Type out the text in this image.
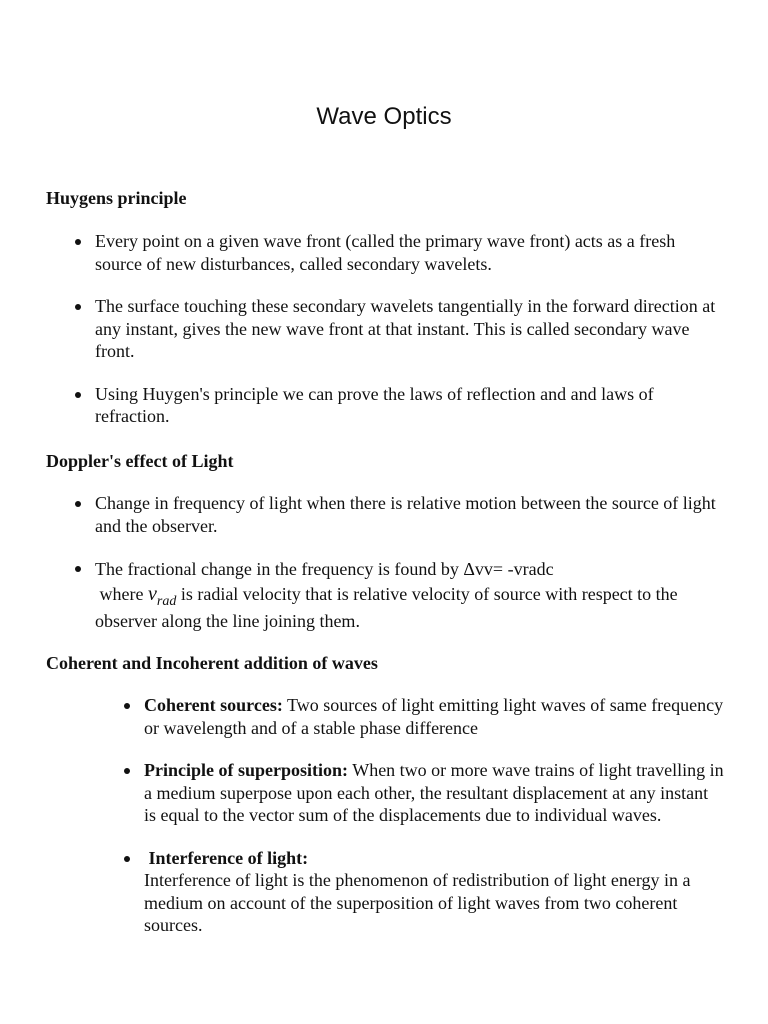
Wave Optics
Huygens principle
Every point on a given wave front (called the primary wave front) acts as a fresh source of new disturbances, called secondary wavelets.
The surface touching these secondary wavelets tangentially in the forward direction at any instant, gives the new wave front at that instant. This is called secondary wave front.
Using Huygen's principle we can prove the laws of reflection and and laws of refraction.
Doppler's effect of Light
Change in frequency of light when there is relative motion between the source of light and the observer.
The fractional change in the frequency is found by Δvv= -vradc
where $v_{rad}$ is radial velocity that is relative velocity of source with respect to the observer along the line joining them.
Coherent and Incoherent addition of waves
Coherent sources: Two sources of light emitting light waves of same frequency or wavelength and of a stable phase difference
Principle of superposition: When two or more wave trains of light travelling in a medium superpose upon each other, the resultant displacement at any instant is equal to the vector sum of the displacements due to individual waves.
Interference of light:
Interference of light is the phenomenon of redistribution of light energy in a medium on account of the superposition of light waves from two coherent sources.
